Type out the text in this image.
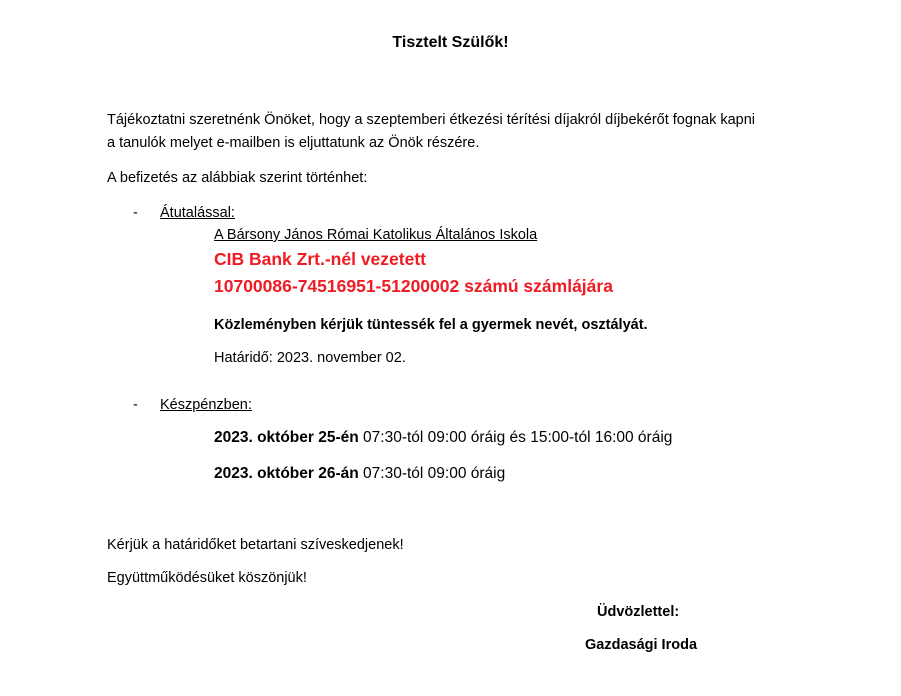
Tisztelt Szülők!
Tájékoztatni szeretnénk Önöket, hogy a szeptemberi étkezési térítési díjakról díjbekérőt fognak kapni
a tanulók melyet e-mailben is eljuttatunk az Önök részére.
A befizetés az alábbiak szerint történhet:
- Átutalással:
A Bársony János Római Katolikus Általános Iskola
CIB Bank Zrt.-nél vezetett
10700086-74516951-51200002 számú számlájára
Közleményben kérjük tüntessék fel a gyermek nevét, osztályát.
Határidő: 2023. november 02.
- Készpénzben:
2023. október 25-én 07:30-tól 09:00 óráig és 15:00-tól 16:00 óráig
2023. október 26-án 07:30-tól 09:00 óráig
Kérjük a határidőket betartani szíveskedjenek!
Együttműködésüket köszönjük!
Üdvözlettel:
Gazdasági Iroda
